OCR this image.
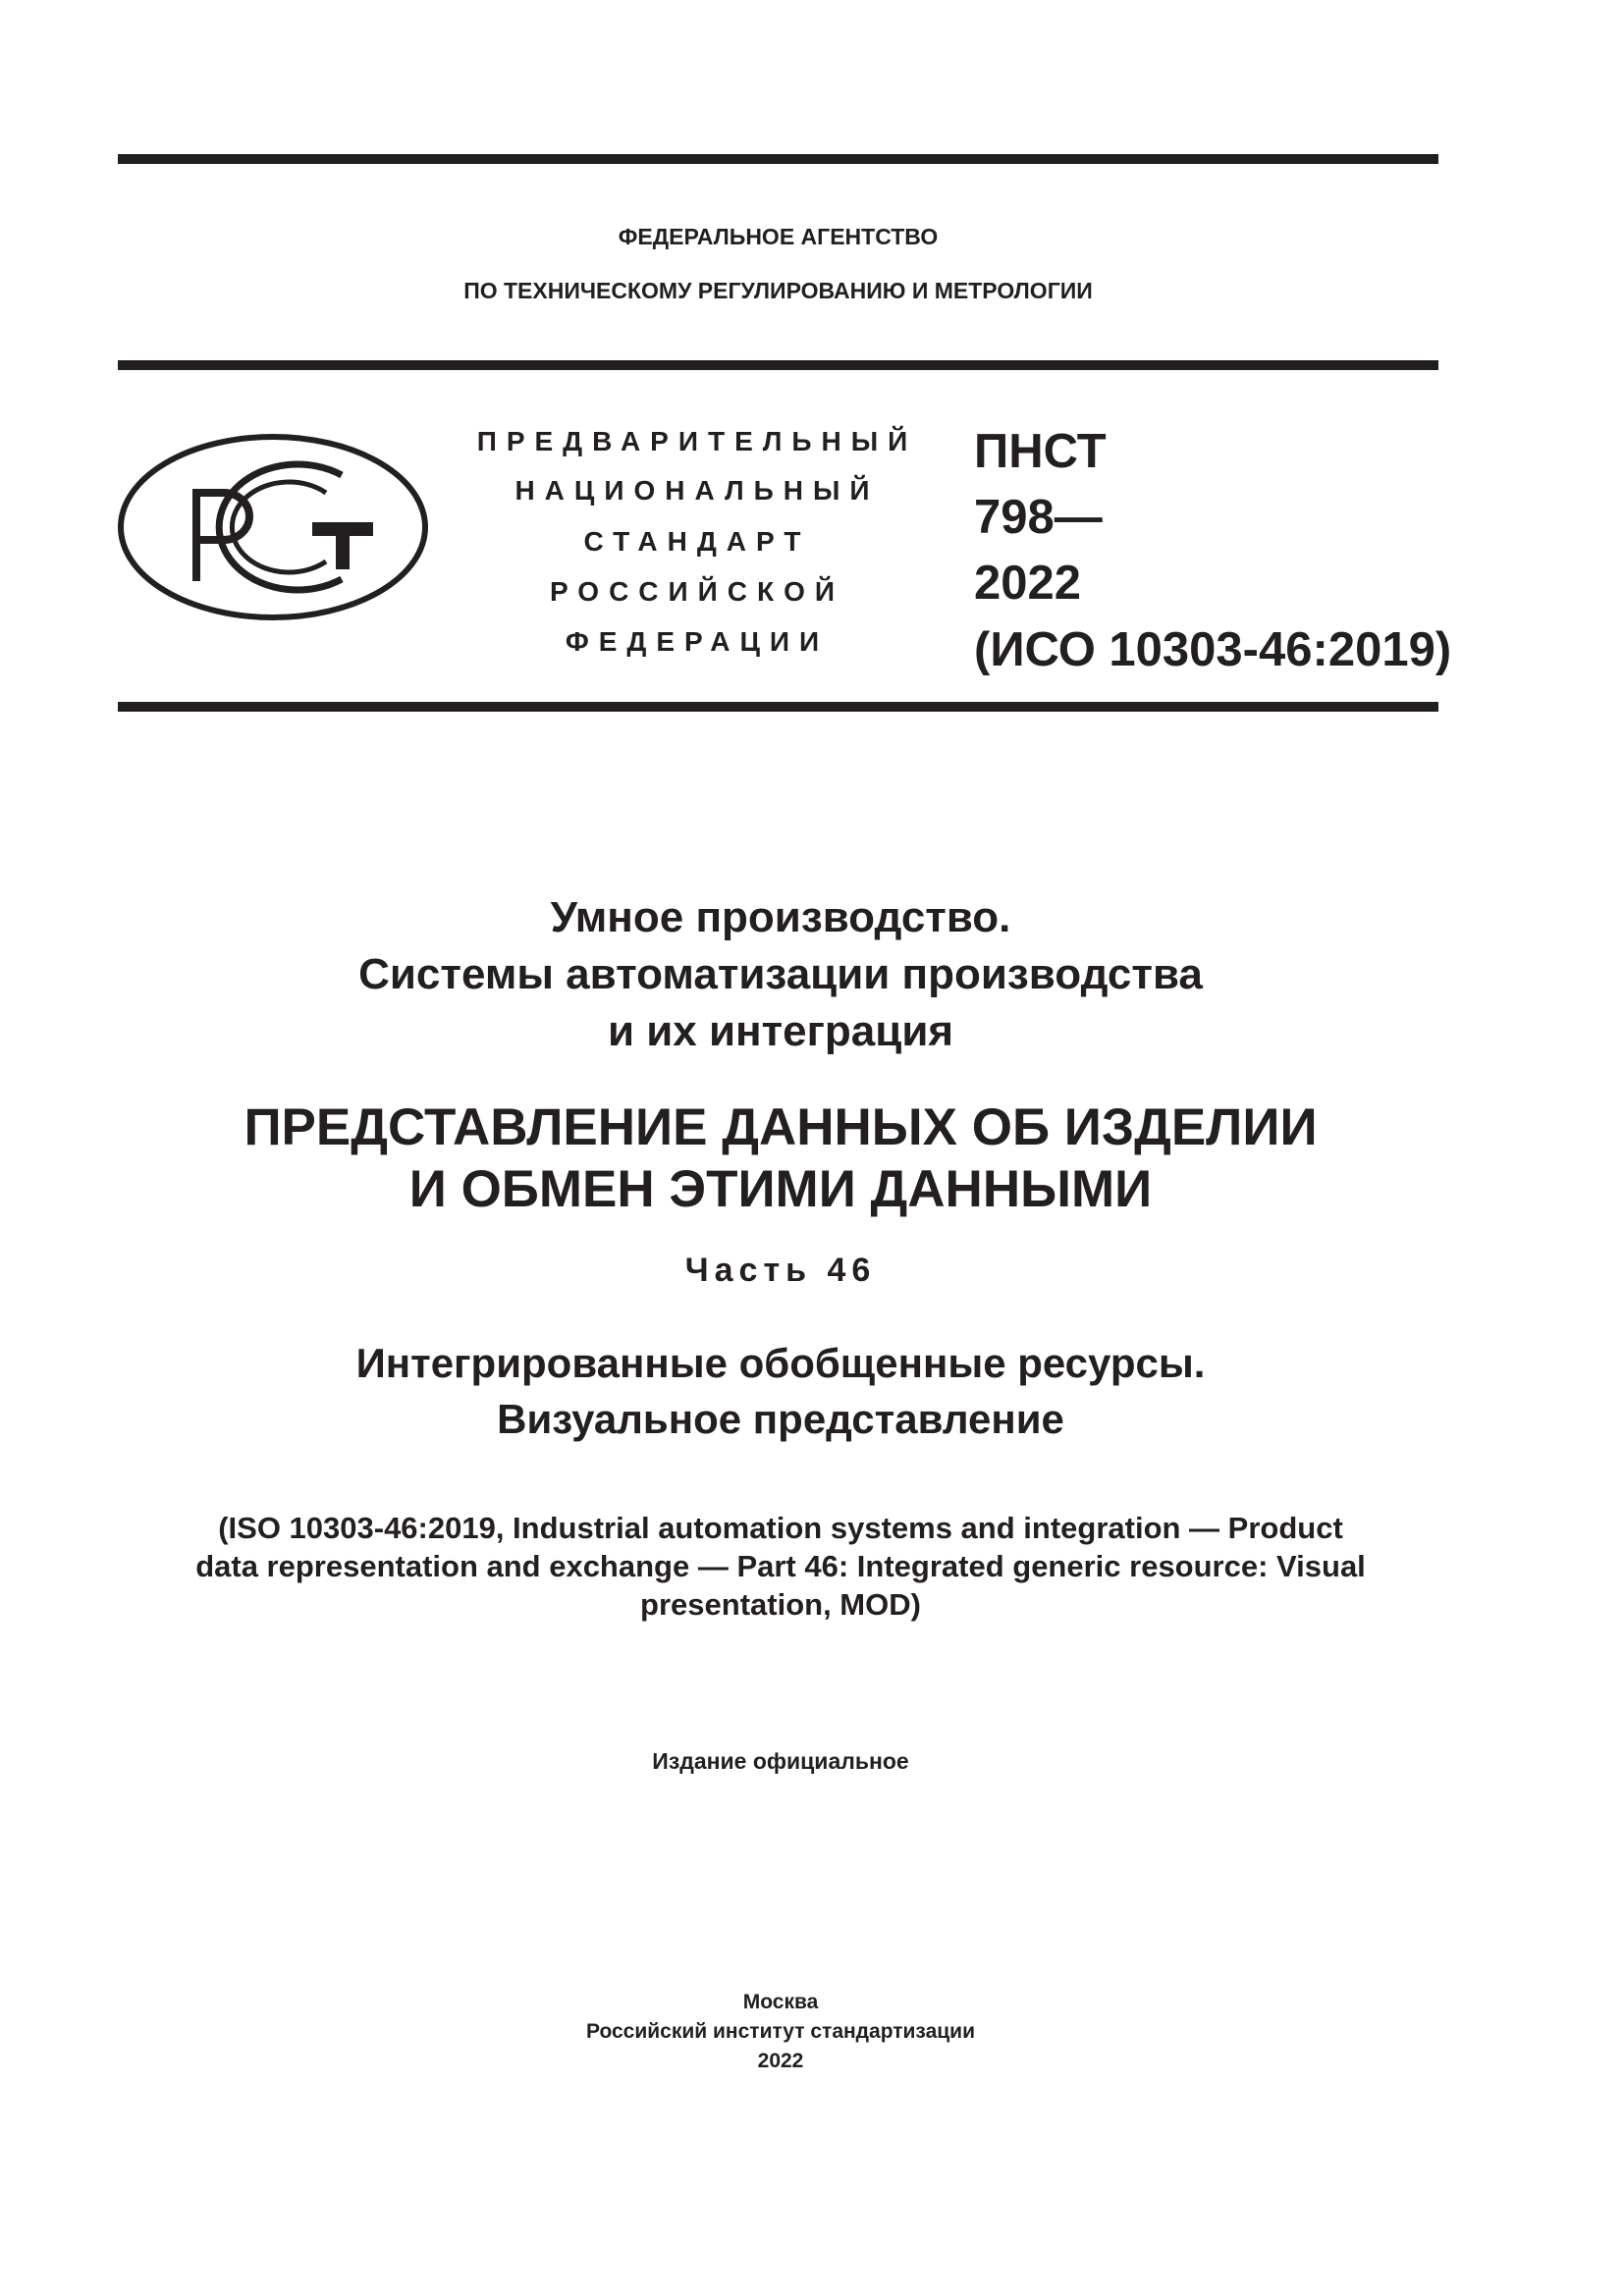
ФЕДЕРАЛЬНОЕ АГЕНТСТВО
ПО ТЕХНИЧЕСКОМУ РЕГУЛИРОВАНИЮ И МЕТРОЛОГИИ
ПРЕДВАРИТЕЛЬНЫЙ
НАЦИОНАЛЬНЫЙ
СТАНДАРТ
РОССИЙСКОЙ
ФЕДЕРАЦИИ
ПНСТ
798—
2022
(ИСО 10303-46:2019)
Умное производство.
Системы автоматизации производства
и их интеграция
ПРЕДСТАВЛЕНИЕ ДАННЫХ ОБ ИЗДЕЛИИ
И ОБМЕН ЭТИМИ ДАННЫМИ
Часть 46
Интегрированные обобщенные ресурсы.
Визуальное представление
(ISO 10303-46:2019, Industrial automation systems and integration — Product
data representation and exchange — Part 46: Integrated generic resource: Visual
presentation, MOD)
Издание официальное
Москва
Российский институт стандартизации
2022
